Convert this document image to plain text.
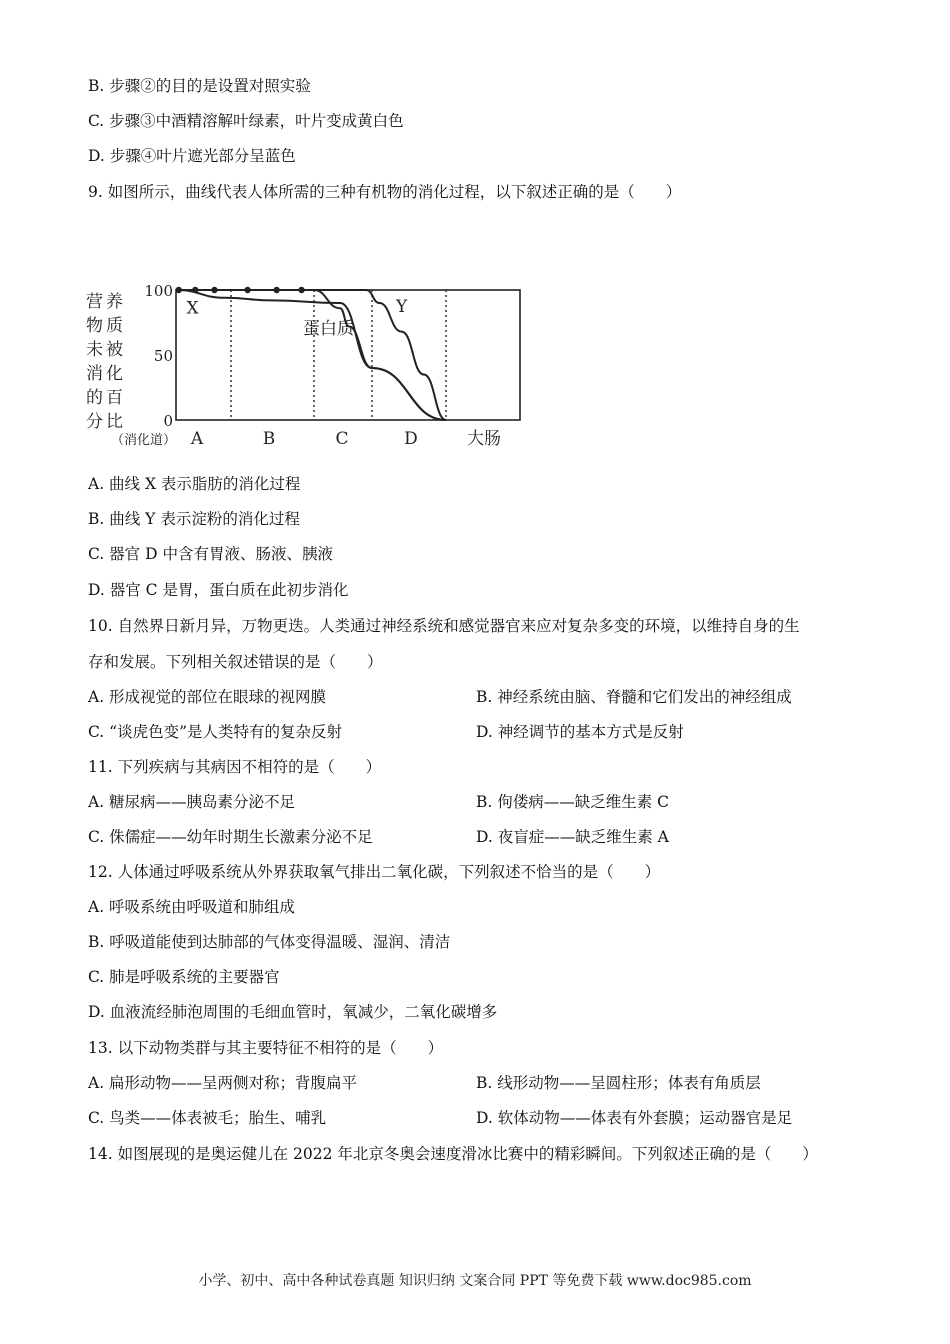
B. 步骤②的目的是设置对照实验
C. 步骤③中酒精溶解叶绿素，叶片变成黄白色
D. 步骤④叶片遮光部分呈蓝色
9. 如图所示，曲线代表人体所需的三种有机物的消化过程，以下叙述正确的是（　　）
营 养
物 质
未 被
消 化
的 百
分 比
100
50
0
X
蛋白质
Y
（消化道） A	B	C	D	大肠
A. 曲线 X 表示脂肪的消化过程
B. 曲线 Y 表示淀粉的消化过程
C. 器官 D 中含有胃液、肠液、胰液
D. 器官 C 是胃，蛋白质在此初步消化
10. 自然界日新月异，万物更迭。人类通过神经系统和感觉器官来应对复杂多变的环境，以维持自身的生
存和发展。下列相关叙述错误的是（　　）
A. 形成视觉的部位在眼球的视网膜	B. 神经系统由脑、脊髓和它们发出的神经组成
C. “谈虎色变”是人类特有的复杂反射	D. 神经调节的基本方式是反射
11. 下列疾病与其病因不相符的是（　　）
A. 糖尿病——胰岛素分泌不足	B. 佝偻病——缺乏维生素 C
C. 侏儒症——幼年时期生长激素分泌不足	D. 夜盲症——缺乏维生素 A
12. 人体通过呼吸系统从外界获取氧气排出二氧化碳，下列叙述不恰当的是（　　）
A. 呼吸系统由呼吸道和肺组成
B. 呼吸道能使到达肺部的气体变得温暖、湿润、清洁
C. 肺是呼吸系统的主要器官
D. 血液流经肺泡周围的毛细血管时，氧减少，二氧化碳增多
13. 以下动物类群与其主要特征不相符的是（　　）
A. 扁形动物——呈两侧对称；背腹扁平	B. 线形动物——呈圆柱形；体表有角质层
C. 鸟类——体表被毛；胎生、哺乳	D. 软体动物——体表有外套膜；运动器官是足
14. 如图展现的是奥运健儿在 2022 年北京冬奥会速度滑冰比赛中的精彩瞬间。下列叙述正确的是（　　）
小学、初中、高中各种试卷真题 知识归纳 文案合同 PPT 等免费下载 www.doc985.com
